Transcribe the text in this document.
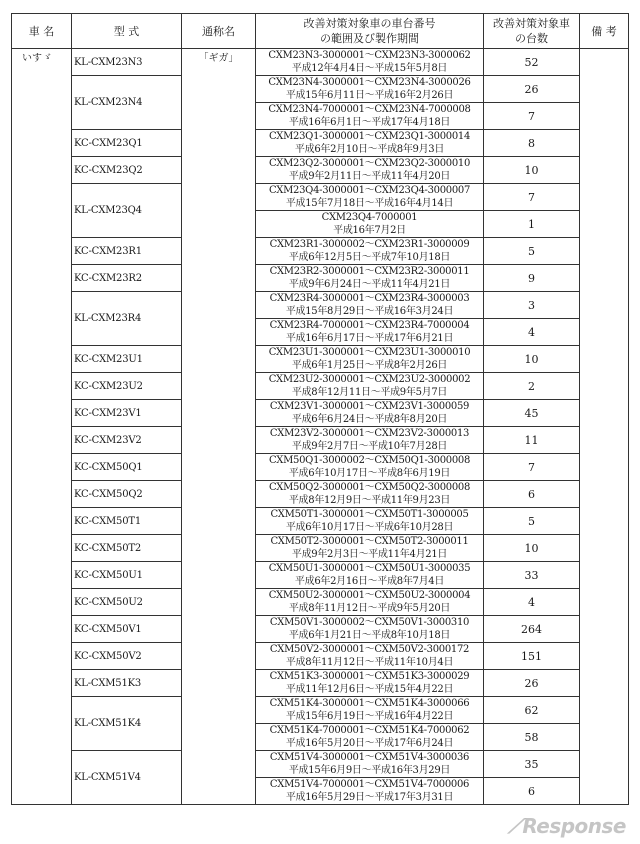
車 名	型 式	通称名	改善対策対象車の車台番号
の範囲及び製作期間	改善対策対象車
の台数	備 考
いすゞ	KL-CXM23N3	「ギガ」	CXM23N3-3000001〜CXM23N3-3000062
平成12年4月4日〜平成15年5月8日	52	
	KL-CXM23N4		CXM23N4-3000001〜CXM23N4-3000026
平成15年6月11日〜平成16年2月26日	26	

			CXM23N4-7000001〜CXM23N4-7000008
平成16年6月1日〜平成17年4月18日	7	
	KC-CXM23Q1		CXM23Q1-3000001〜CXM23Q1-3000014
平成6年2月10日〜平成8年9月3日	8	
	KC-CXM23Q2		CXM23Q2-3000001〜CXM23Q2-3000010
平成9年2月11日〜平成11年4月20日	10	
	KL-CXM23Q4		CXM23Q4-3000001〜CXM23Q4-3000007
平成15年7月18日〜平成16年4月14日	7	

			CXM23Q4-7000001
平成16年7月2日	1	
	KC-CXM23R1		CXM23R1-3000002〜CXM23R1-3000009
平成6年12月5日〜平成7年10月18日	5	
	KC-CXM23R2		CXM23R2-3000001〜CXM23R2-3000011
平成9年6月24日〜平成11年4月21日	9	
	KL-CXM23R4		CXM23R4-3000001〜CXM23R4-3000003
平成15年8月29日〜平成16年3月24日	3	

			CXM23R4-7000001〜CXM23R4-7000004
平成16年6月17日〜平成17年6月21日	4	
	KC-CXM23U1		CXM23U1-3000001〜CXM23U1-3000010
平成6年1月25日〜平成8年2月26日	10	
	KC-CXM23U2		CXM23U2-3000001〜CXM23U2-3000002
平成8年12月11日〜平成9年5月7日	2	
	KC-CXM23V1		CXM23V1-3000001〜CXM23V1-3000059
平成6年6月24日〜平成8年8月20日	45	
	KC-CXM23V2		CXM23V2-3000001〜CXM23V2-3000013
平成9年2月7日〜平成10年7月28日	11	
	KC-CXM50Q1		CXM50Q1-3000002〜CXM50Q1-3000008
平成6年10月17日〜平成8年6月19日	7	
	KC-CXM50Q2		CXM50Q2-3000001〜CXM50Q2-3000008
平成8年12月9日〜平成11年9月23日	6	
	KC-CXM50T1		CXM50T1-3000001〜CXM50T1-3000005
平成6年10月17日〜平成6年10月28日	5	
	KC-CXM50T2		CXM50T2-3000001〜CXM50T2-3000011
平成9年2月3日〜平成11年4月21日	10	
	KC-CXM50U1		CXM50U1-3000001〜CXM50U1-3000035
平成6年2月16日〜平成8年7月4日	33	
	KC-CXM50U2		CXM50U2-3000001〜CXM50U2-3000004
平成8年11月12日〜平成9年5月20日	4	
	KC-CXM50V1		CXM50V1-3000002〜CXM50V1-3000310
平成6年1月21日〜平成8年10月18日	264	
	KC-CXM50V2		CXM50V2-3000001〜CXM50V2-3000172
平成8年11月12日〜平成11年10月4日	151	
	KL-CXM51K3		CXM51K3-3000001〜CXM51K3-3000029
平成11年12月6日〜平成15年4月22日	26	
	KL-CXM51K4		CXM51K4-3000001〜CXM51K4-3000066
平成15年6月19日〜平成16年4月22日	62	

			CXM51K4-7000001〜CXM51K4-7000062
平成16年5月20日〜平成17年6月24日	58	
	KL-CXM51V4		CXM51V4-3000001〜CXM51V4-3000036
平成15年6月9日〜平成16年3月29日	35	

			CXM51V4-7000001〜CXM51V4-7000006
平成16年5月29日〜平成17年3月31日	6	
⟋Response
